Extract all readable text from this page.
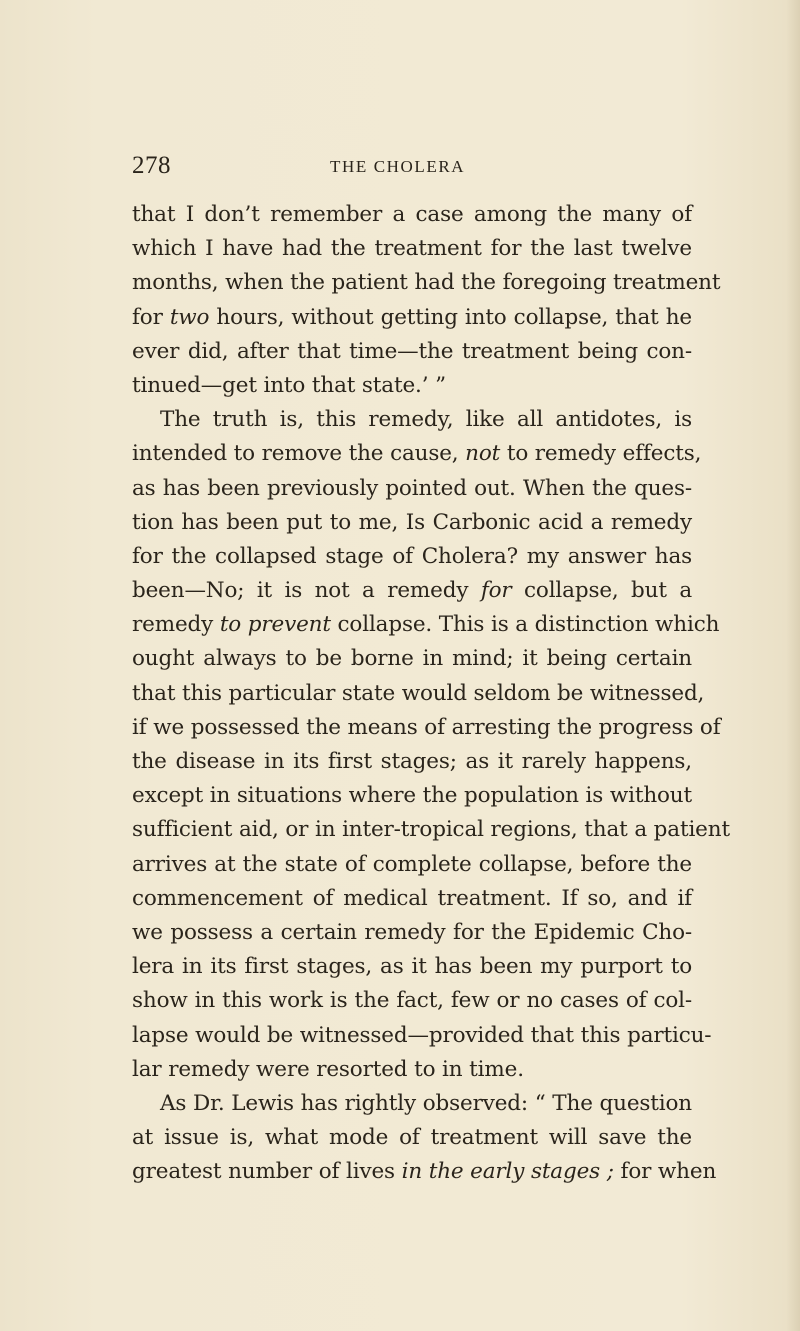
278	THE CHOLERA
that I don’t remember a case among the many of
which I have had the treatment for the last twelve
months, when the patient had the foregoing treatment
for two hours, without getting into collapse, that he
ever did, after that time—the treatment being con-
tinued—get into that state.’ ”
The truth is, this remedy, like all antidotes, is
intended to remove the cause, not to remedy effects,
as has been previously pointed out. When the ques-
tion has been put to me, Is Carbonic acid a remedy
for the collapsed stage of Cholera? my answer has
been—No; it is not a remedy for collapse, but a
remedy to prevent collapse. This is a distinction which
ought always to be borne in mind; it being certain
that this particular state would seldom be witnessed,
if we possessed the means of arresting the progress of
the disease in its first stages; as it rarely happens,
except in situations where the population is without
sufficient aid, or in inter-tropical regions, that a patient
arrives at the state of complete collapse, before the
commencement of medical treatment. If so, and if
we possess a certain remedy for the Epidemic Cho-
lera in its first stages, as it has been my purport to
show in this work is the fact, few or no cases of col-
lapse would be witnessed—provided that this particu-
lar remedy were resorted to in time.
As Dr. Lewis has rightly observed: “ The question
at issue is, what mode of treatment will save the
greatest number of lives in the early stages ; for when
